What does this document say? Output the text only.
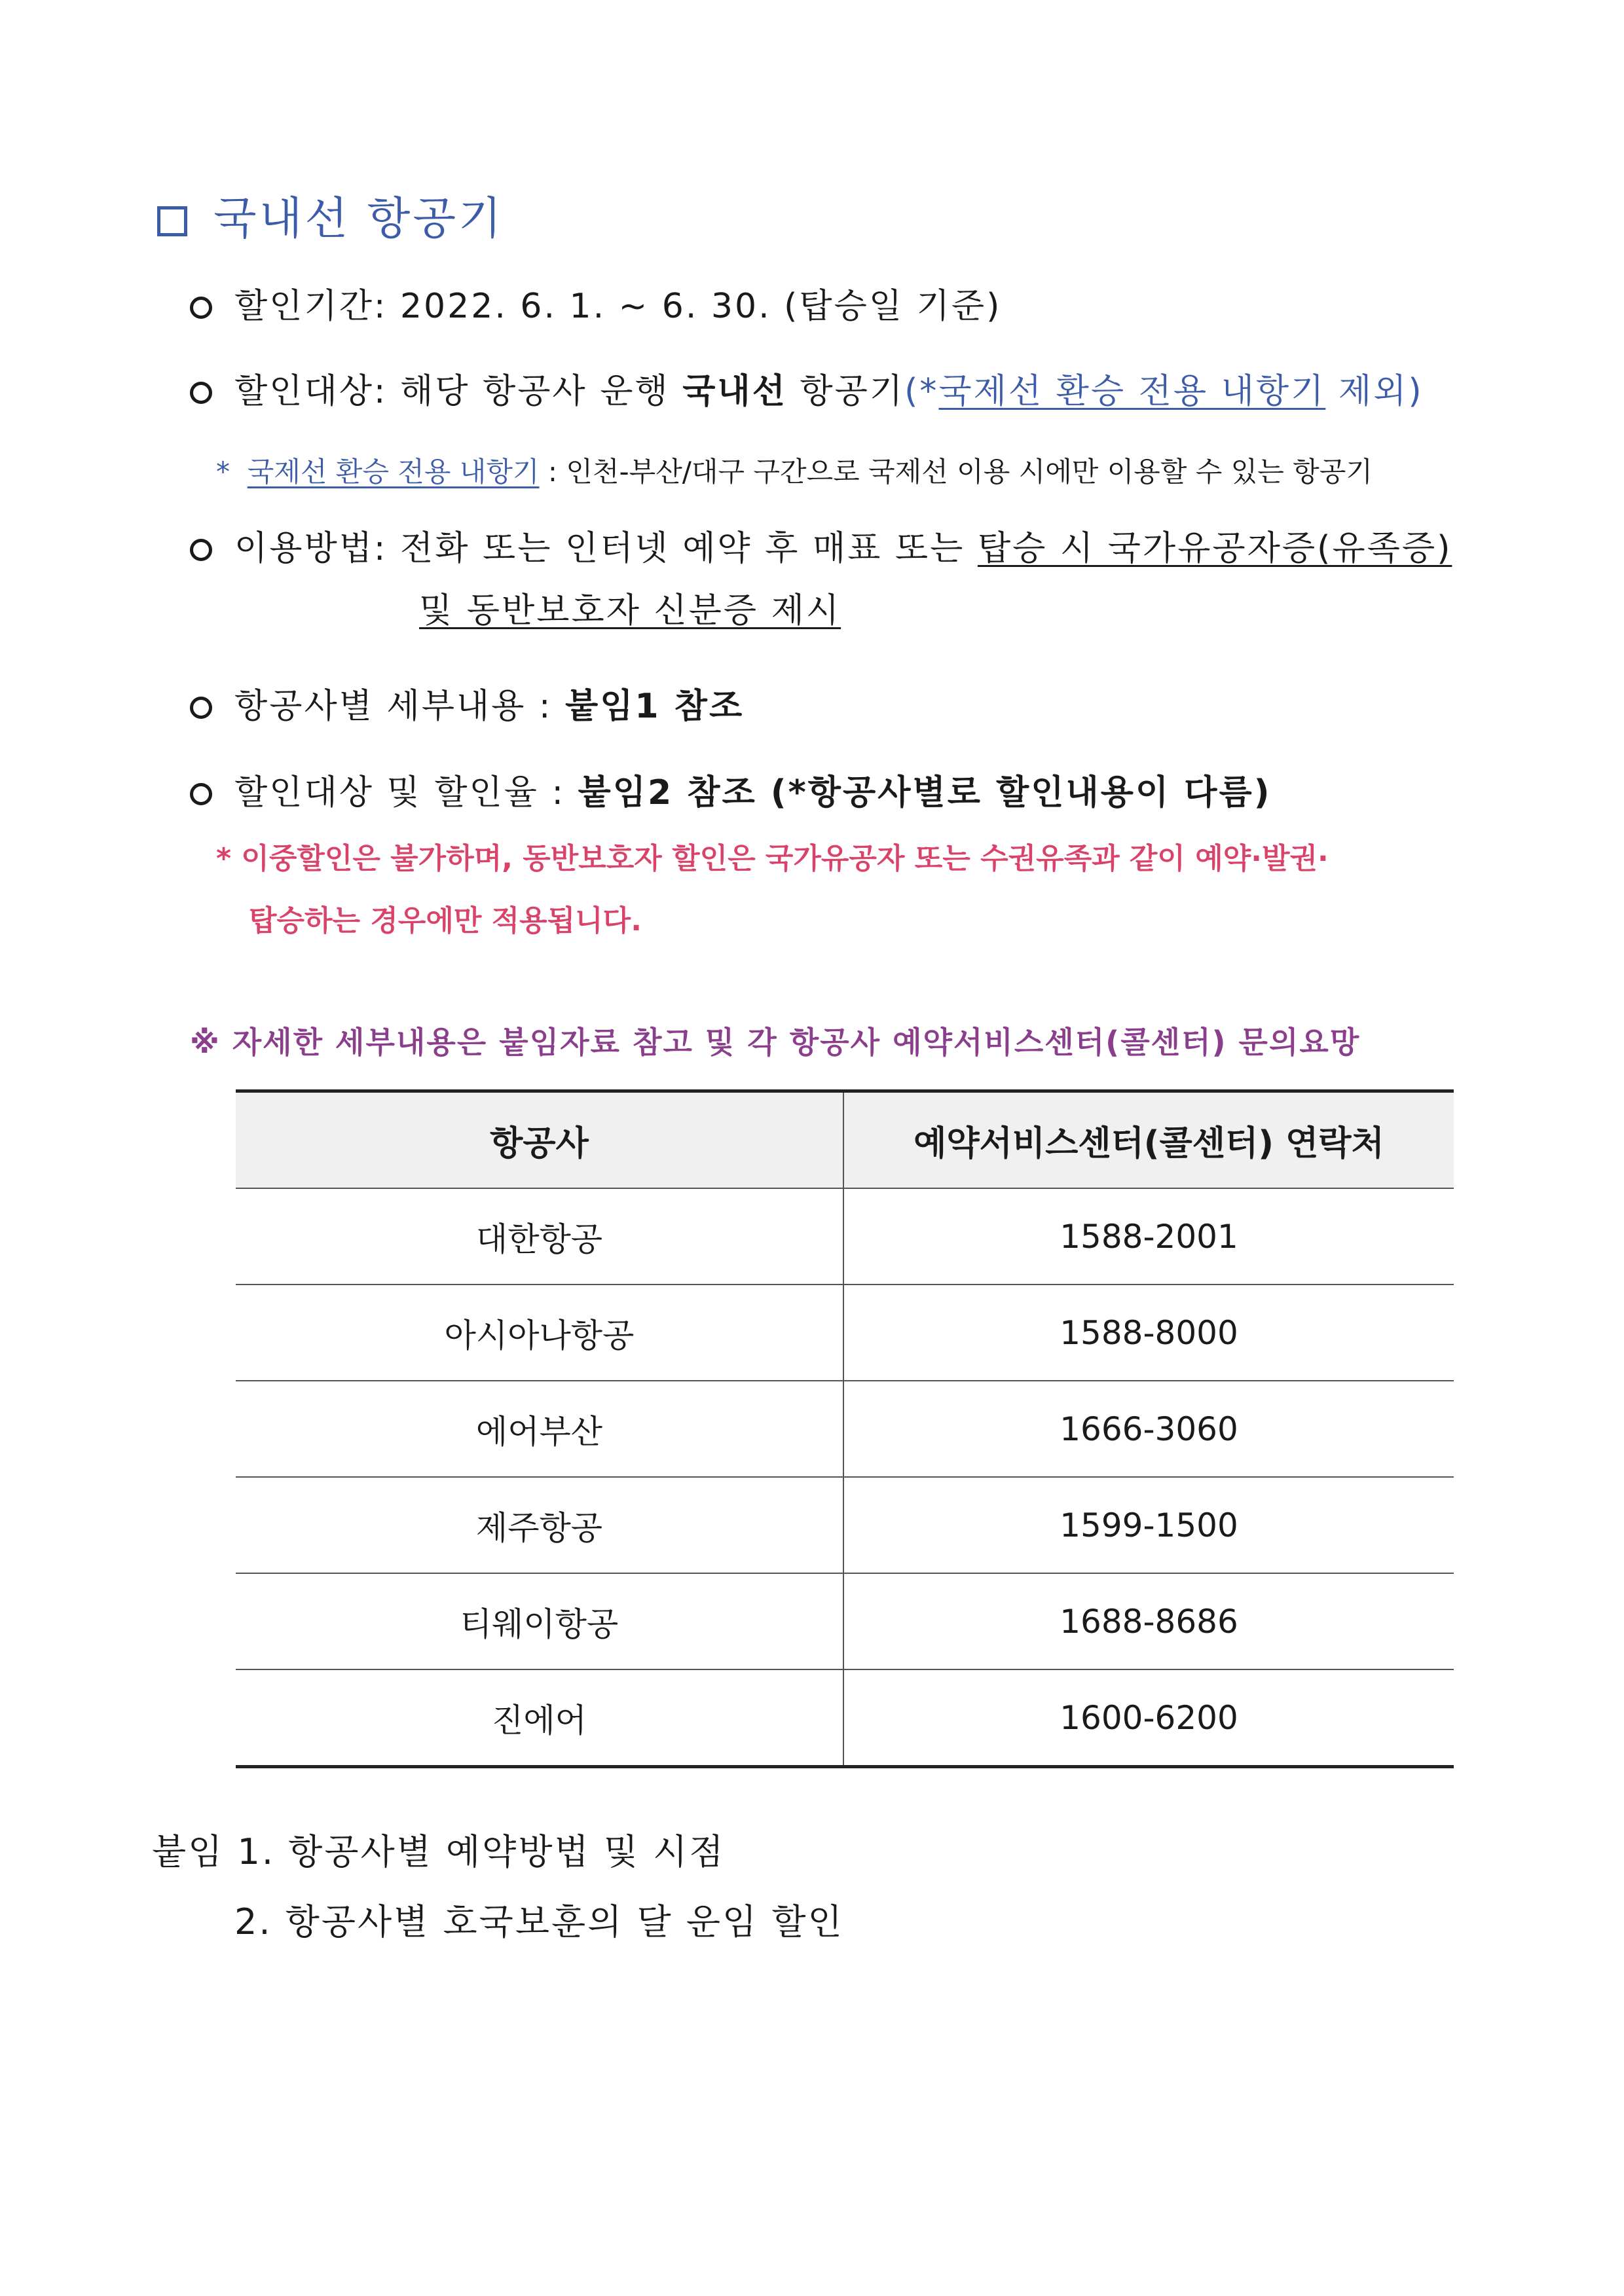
국내선 항공기
할인기간: 2022. 6. 1. ~ 6. 30. (탑승일 기준)
할인대상: 해당 항공사 운행 국내선 항공기(*국제선 환승 전용 내항기 제외)
* 국제선 환승 전용 내항기 : 인천-부산/대구 구간으로 국제선 이용 시에만 이용할 수 있는 항공기
이용방법: 전화 또는 인터넷 예약 후 매표 또는 탑승 시 국가유공자증(유족증)
및 동반보호자 신분증 제시
항공사별 세부내용 : 붙임1 참조
할인대상 및 할인율 : 붙임2 참조 (*항공사별로 할인내용이 다름)
* 이중할인은 불가하며, 동반보호자 할인은 국가유공자 또는 수권유족과 같이 예약·발권·
탑승하는 경우에만 적용됩니다.
※ 자세한 세부내용은 붙임자료 참고 및 각 항공사 예약서비스센터(콜센터) 문의요망
항공사	예약서비스센터(콜센터) 연락처
대한항공	1588-2001
아시아나항공	1588-8000
에어부산	1666-3060
제주항공	1599-1500
티웨이항공	1688-8686
진에어	1600-6200
붙임 1. 항공사별 예약방법 및 시점
2. 항공사별 호국보훈의 달 운임 할인
